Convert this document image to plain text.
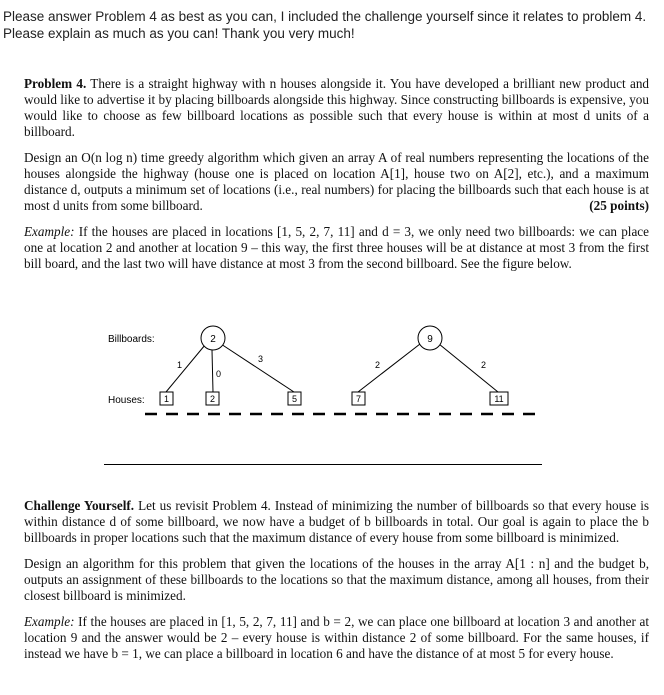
Please answer Problem 4 as best as you can, I included the challenge yourself since it relates to problem 4.
Please explain as much as you can! Thank you very much!

Problem 4. There is a straight highway with n houses alongside it. You have developed a brilliant new product and would like to advertise it by placing billboards alongside this highway. Since constructing billboards is expensive, you would like to choose as few billboard locations as possible such that every house is within at most d units of a billboard.

Design an O(n log n) time greedy algorithm which given an array A of real numbers representing the locations of the houses alongside the highway (house one is placed on location A[1], house two on A[2], etc.), and a maximum distance d, outputs a minimum set of locations (i.e., real numbers) for placing the billboards such that each house is at most d units from some billboard.	(25 points)

Example: If the houses are placed in locations [1, 5, 2, 7, 11] and d = 3, we only need two billboards: we can place one at location 2 and another at location 9 – this way, the first three houses will be at distance at most 3 from the first bill board, and the last two will have distance at most 3 from the second billboard. See the figure below.

Billboards:
Houses:
2	9
1
0
3
2	2
1	2	5	7	11

Challenge Yourself. Let us revisit Problem 4. Instead of minimizing the number of billboards so that every house is within distance d of some billboard, we now have a budget of b billboards in total. Our goal is again to place the b billboards in proper locations such that the maximum distance of every house from some billboard is minimized.

Design an algorithm for this problem that given the locations of the houses in the array A[1 : n] and the budget b, outputs an assignment of these billboards to the locations so that the maximum distance, among all houses, from their closest billboard is minimized.

Example: If the houses are placed in [1, 5, 2, 7, 11] and b = 2, we can place one billboard at location 3 and another at location 9 and the answer would be 2 – every house is within distance 2 of some billboard. For the same houses, if instead we have b = 1, we can place a billboard in location 6 and have the distance of at most 5 for every house.
